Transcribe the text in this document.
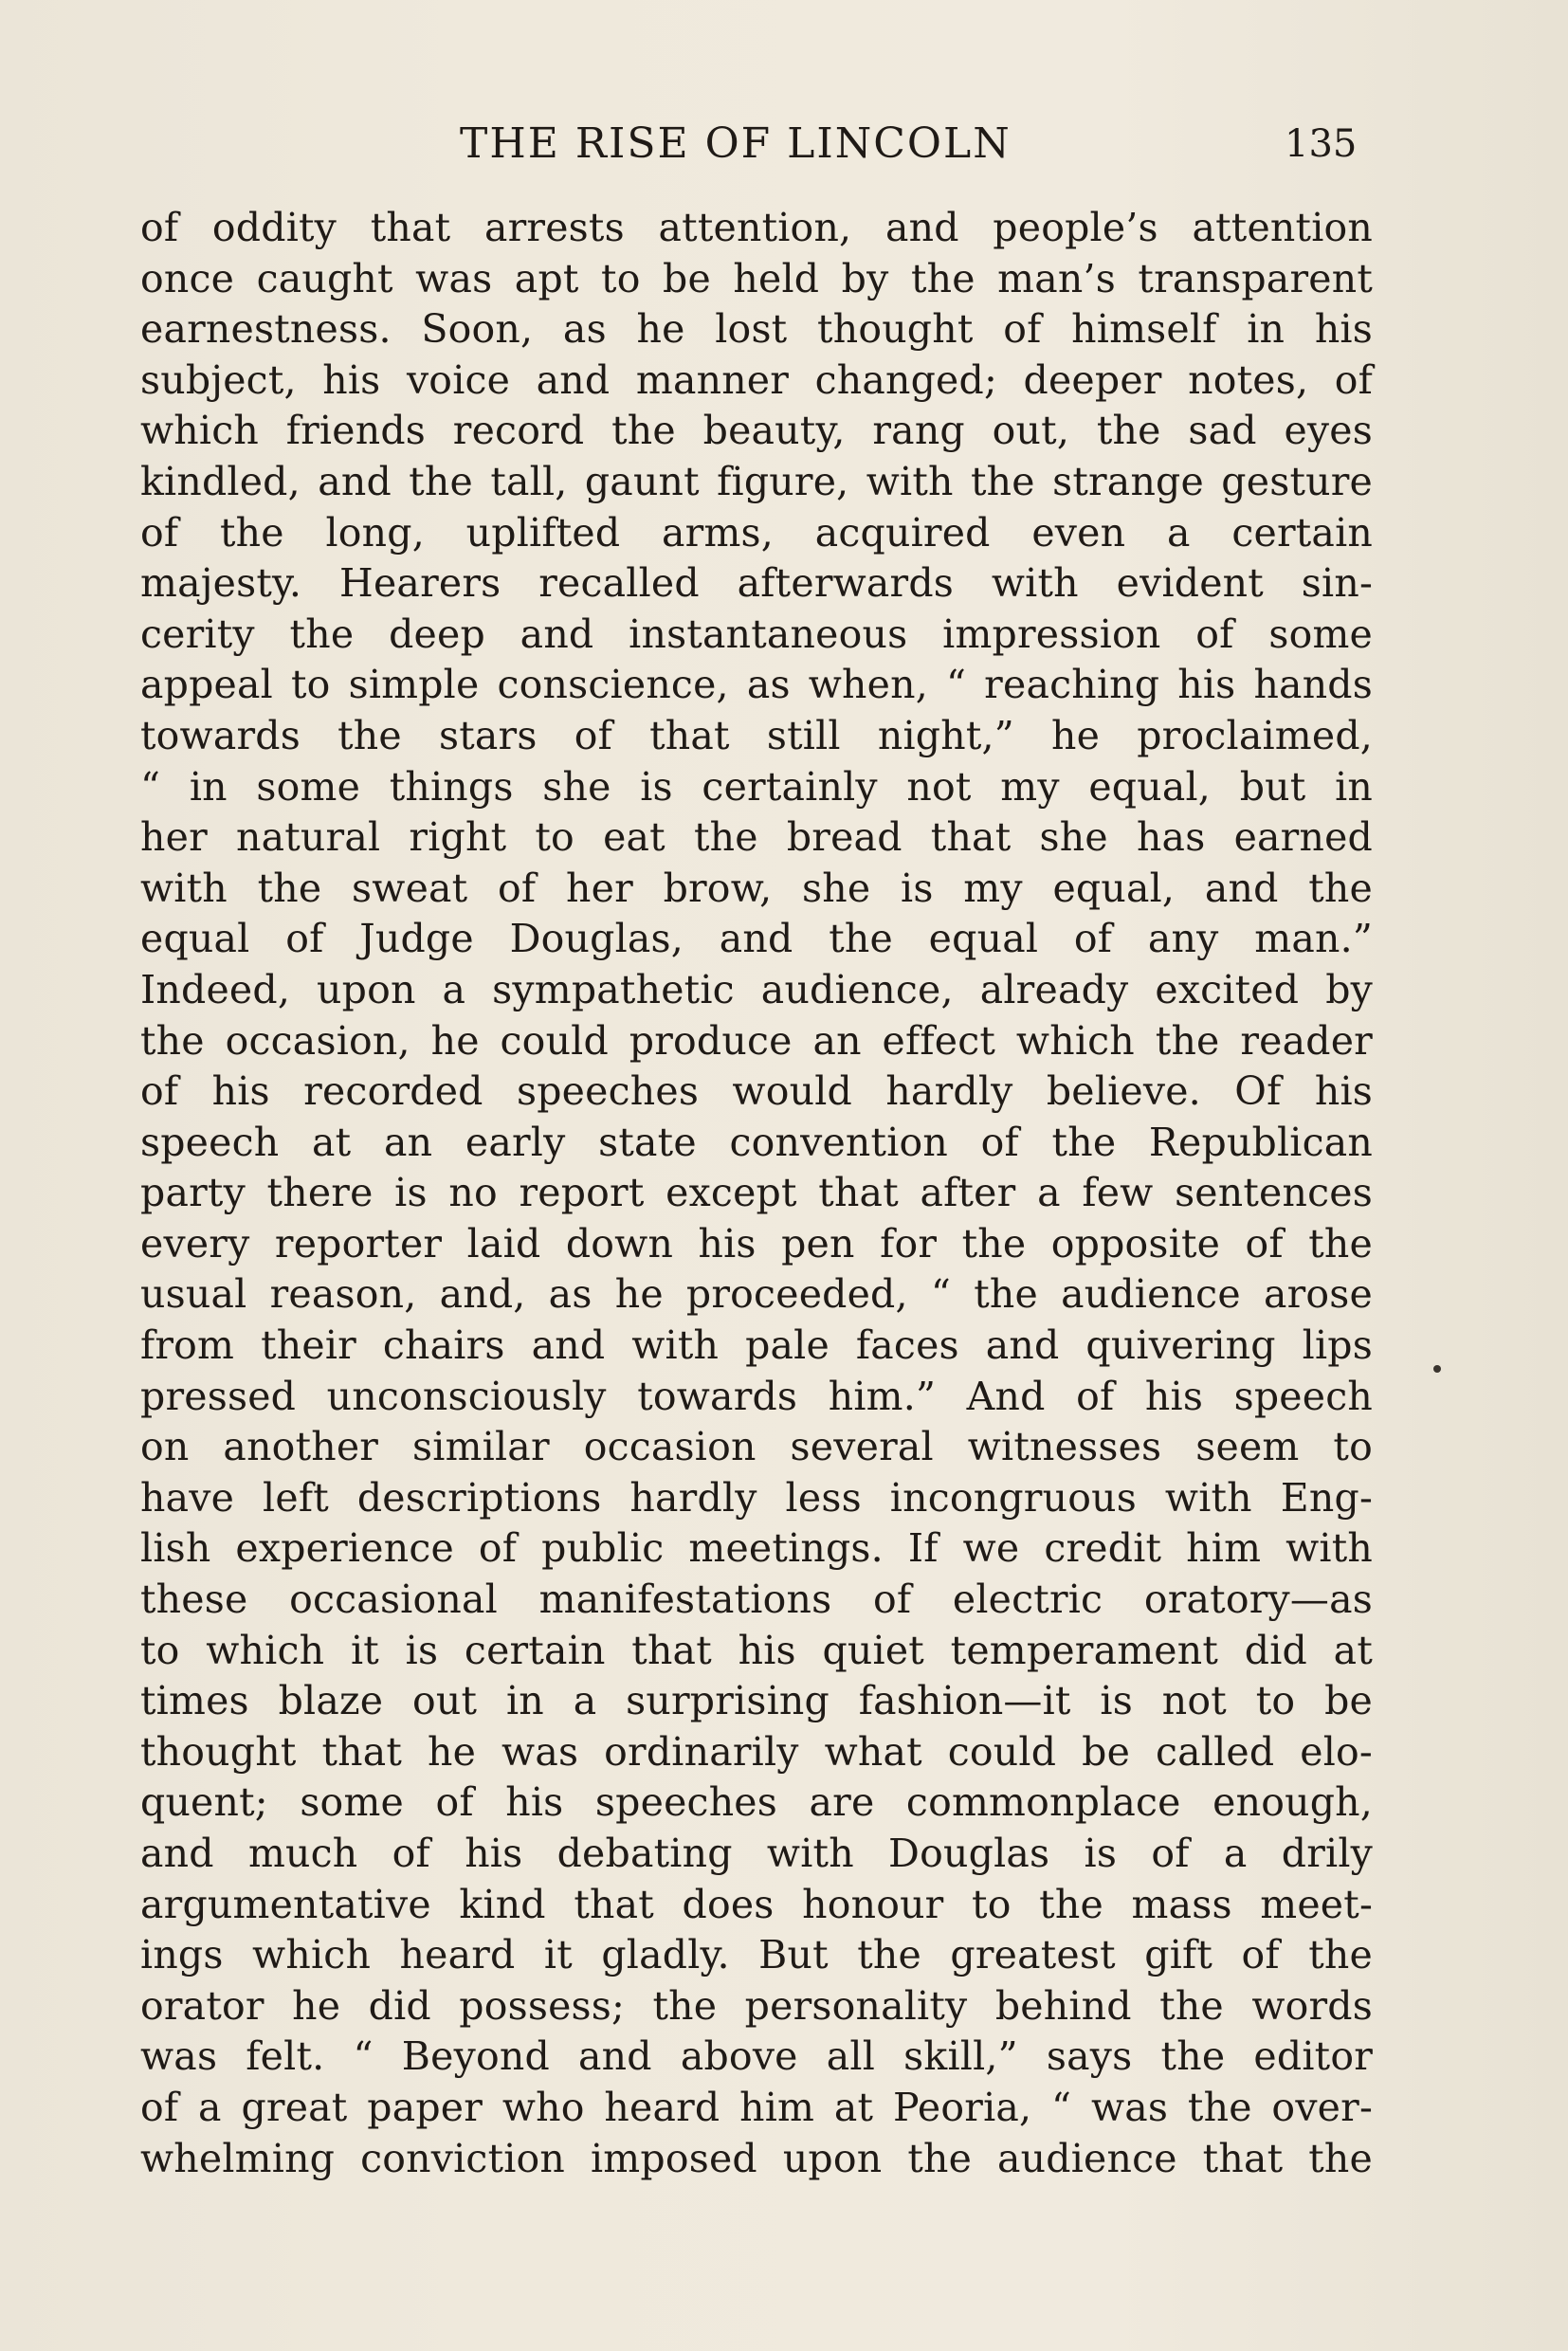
THE RISE OF LINCOLN	135
of oddity that arrests attention, and people’s attention
once caught was apt to be held by the man’s transparent
earnestness. Soon, as he lost thought of himself in his
subject, his voice and manner changed; deeper notes, of
which friends record the beauty, rang out, the sad eyes
kindled, and the tall, gaunt figure, with the strange gesture
of the long, uplifted arms, acquired even a certain
majesty. Hearers recalled afterwards with evident sin-
cerity the deep and instantaneous impression of some
appeal to simple conscience, as when, “ reaching his hands
towards the stars of that still night,” he proclaimed,
“ in some things she is certainly not my equal, but in
her natural right to eat the bread that she has earned
with the sweat of her brow, she is my equal, and the
equal of Judge Douglas, and the equal of any man.”
Indeed, upon a sympathetic audience, already excited by
the occasion, he could produce an effect which the reader
of his recorded speeches would hardly believe. Of his
speech at an early state convention of the Republican
party there is no report except that after a few sentences
every reporter laid down his pen for the opposite of the
usual reason, and, as he proceeded, “ the audience arose
from their chairs and with pale faces and quivering lips
pressed unconsciously towards him.” And of his speech
on another similar occasion several witnesses seem to
have left descriptions hardly less incongruous with Eng-
lish experience of public meetings. If we credit him with
these occasional manifestations of electric oratory—as
to which it is certain that his quiet temperament did at
times blaze out in a surprising fashion—it is not to be
thought that he was ordinarily what could be called elo-
quent; some of his speeches are commonplace enough,
and much of his debating with Douglas is of a drily
argumentative kind that does honour to the mass meet-
ings which heard it gladly. But the greatest gift of the
orator he did possess; the personality behind the words
was felt. “ Beyond and above all skill,” says the editor
of a great paper who heard him at Peoria, “ was the over-
whelming conviction imposed upon the audience that the
